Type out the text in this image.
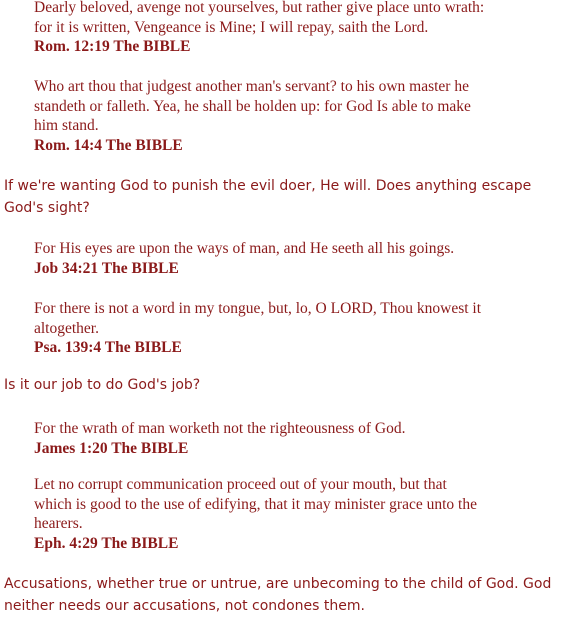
Dearly beloved, avenge not yourselves, but rather give place unto wrath:
for it is written, Vengeance is Mine; I will repay, saith the Lord.
Rom. 12:19 The BIBLE
Who art thou that judgest another man's servant? to his own master he
standeth or falleth. Yea, he shall be holden up: for God Is able to make
him stand.
Rom. 14:4 The BIBLE
If we're wanting God to punish the evil doer, He will. Does anything escape
God's sight?
For His eyes are upon the ways of man, and He seeth all his goings.
Job 34:21 The BIBLE
For there is not a word in my tongue, but, lo, O LORD, Thou knowest it
altogether.
Psa. 139:4 The BIBLE
Is it our job to do God's job?
For the wrath of man worketh not the righteousness of God.
James 1:20 The BIBLE
Let no corrupt communication proceed out of your mouth, but that
which is good to the use of edifying, that it may minister grace unto the
hearers.
Eph. 4:29 The BIBLE
Accusations, whether true or untrue, are unbecoming to the child of God. God
neither needs our accusations, not condones them.
